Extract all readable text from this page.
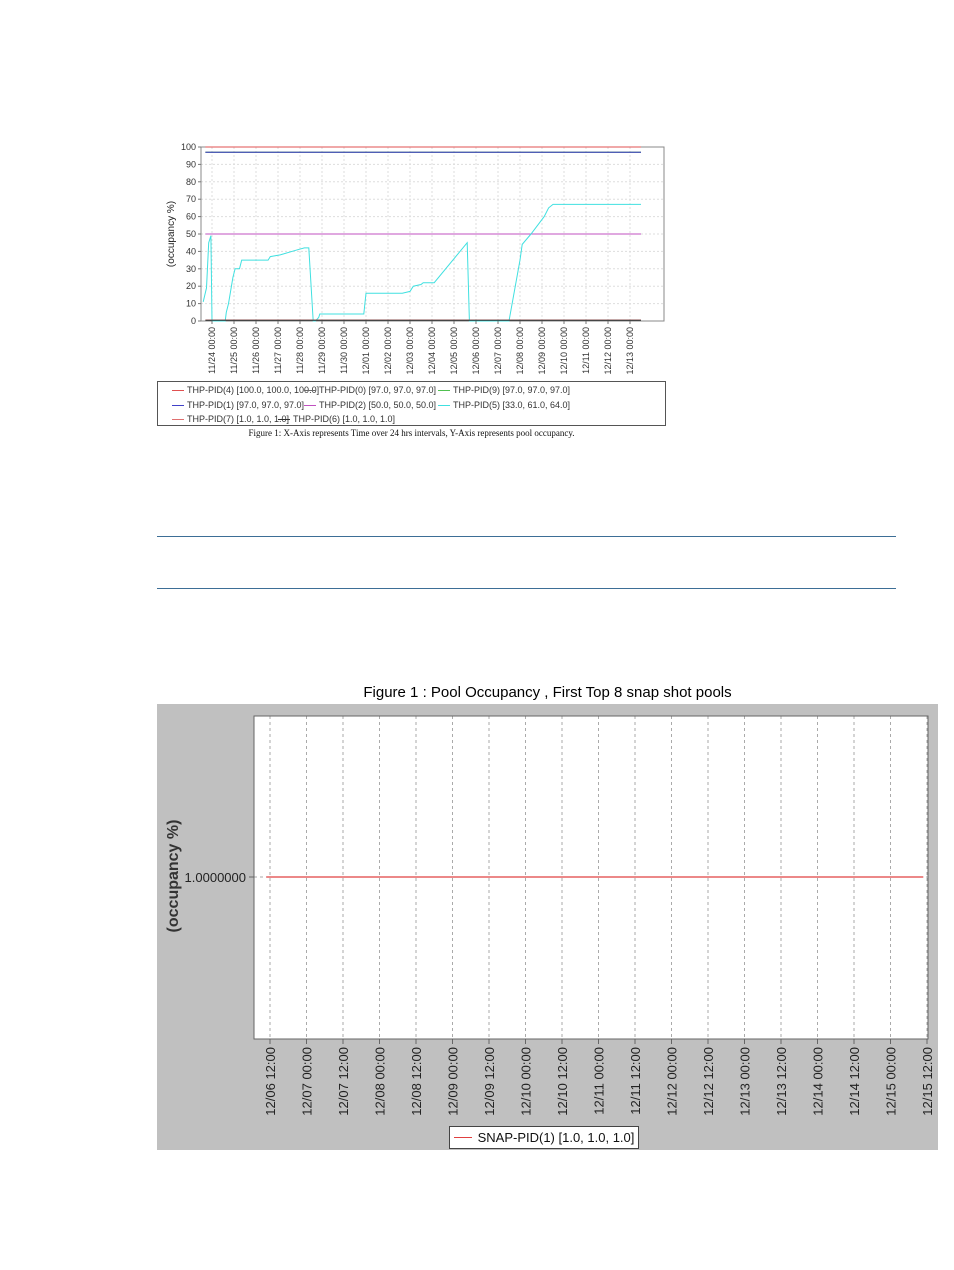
0
10
20
30
40
50
60
70
80
90
100
11/24 00:00 11/25 00:00 11/26 00:00 11/27 00:00 11/28 00:00 11/29 00:00 11/30 00:00 12/01 00:00 12/02 00:00 12/03 00:00 12/04 00:00 12/05 00:00 12/06 00:00 12/07 00:00 12/08 00:00 12/09 00:00 12/10 00:00 12/11 00:00 12/12 00:00 12/13 00:00
(occupancy %)
THP-PID(4) [100.0, 100.0, 100.0] THP-PID(0) [97.0, 97.0, 97.0] THP-PID(9) [97.0, 97.0, 97.0]
THP-PID(1) [97.0, 97.0, 97.0] THP-PID(2) [50.0, 50.0, 50.0] THP-PID(5) [33.0, 61.0, 64.0]
THP-PID(7) [1.0, 1.0, 1.0] THP-PID(6) [1.0, 1.0, 1.0]
Figure 1: X-Axis represents Time over 24 hrs intervals, Y-Axis represents pool occupancy.
Figure 1 : Pool Occupancy , First Top 8 snap shot pools
1.0000000
12/06 12:00 12/07 00:00 12/07 12:00 12/08 00:00 12/08 12:00 12/09 00:00 12/09 12:00 12/10 00:00 12/10 12:00 12/11 00:00 12/11 12:00 12/12 00:00 12/12 12:00 12/13 00:00 12/13 12:00 12/14 00:00 12/14 12:00 12/15 00:00 12/15 12:00
(occupancy %)
SNAP-PID(1) [1.0, 1.0, 1.0]
